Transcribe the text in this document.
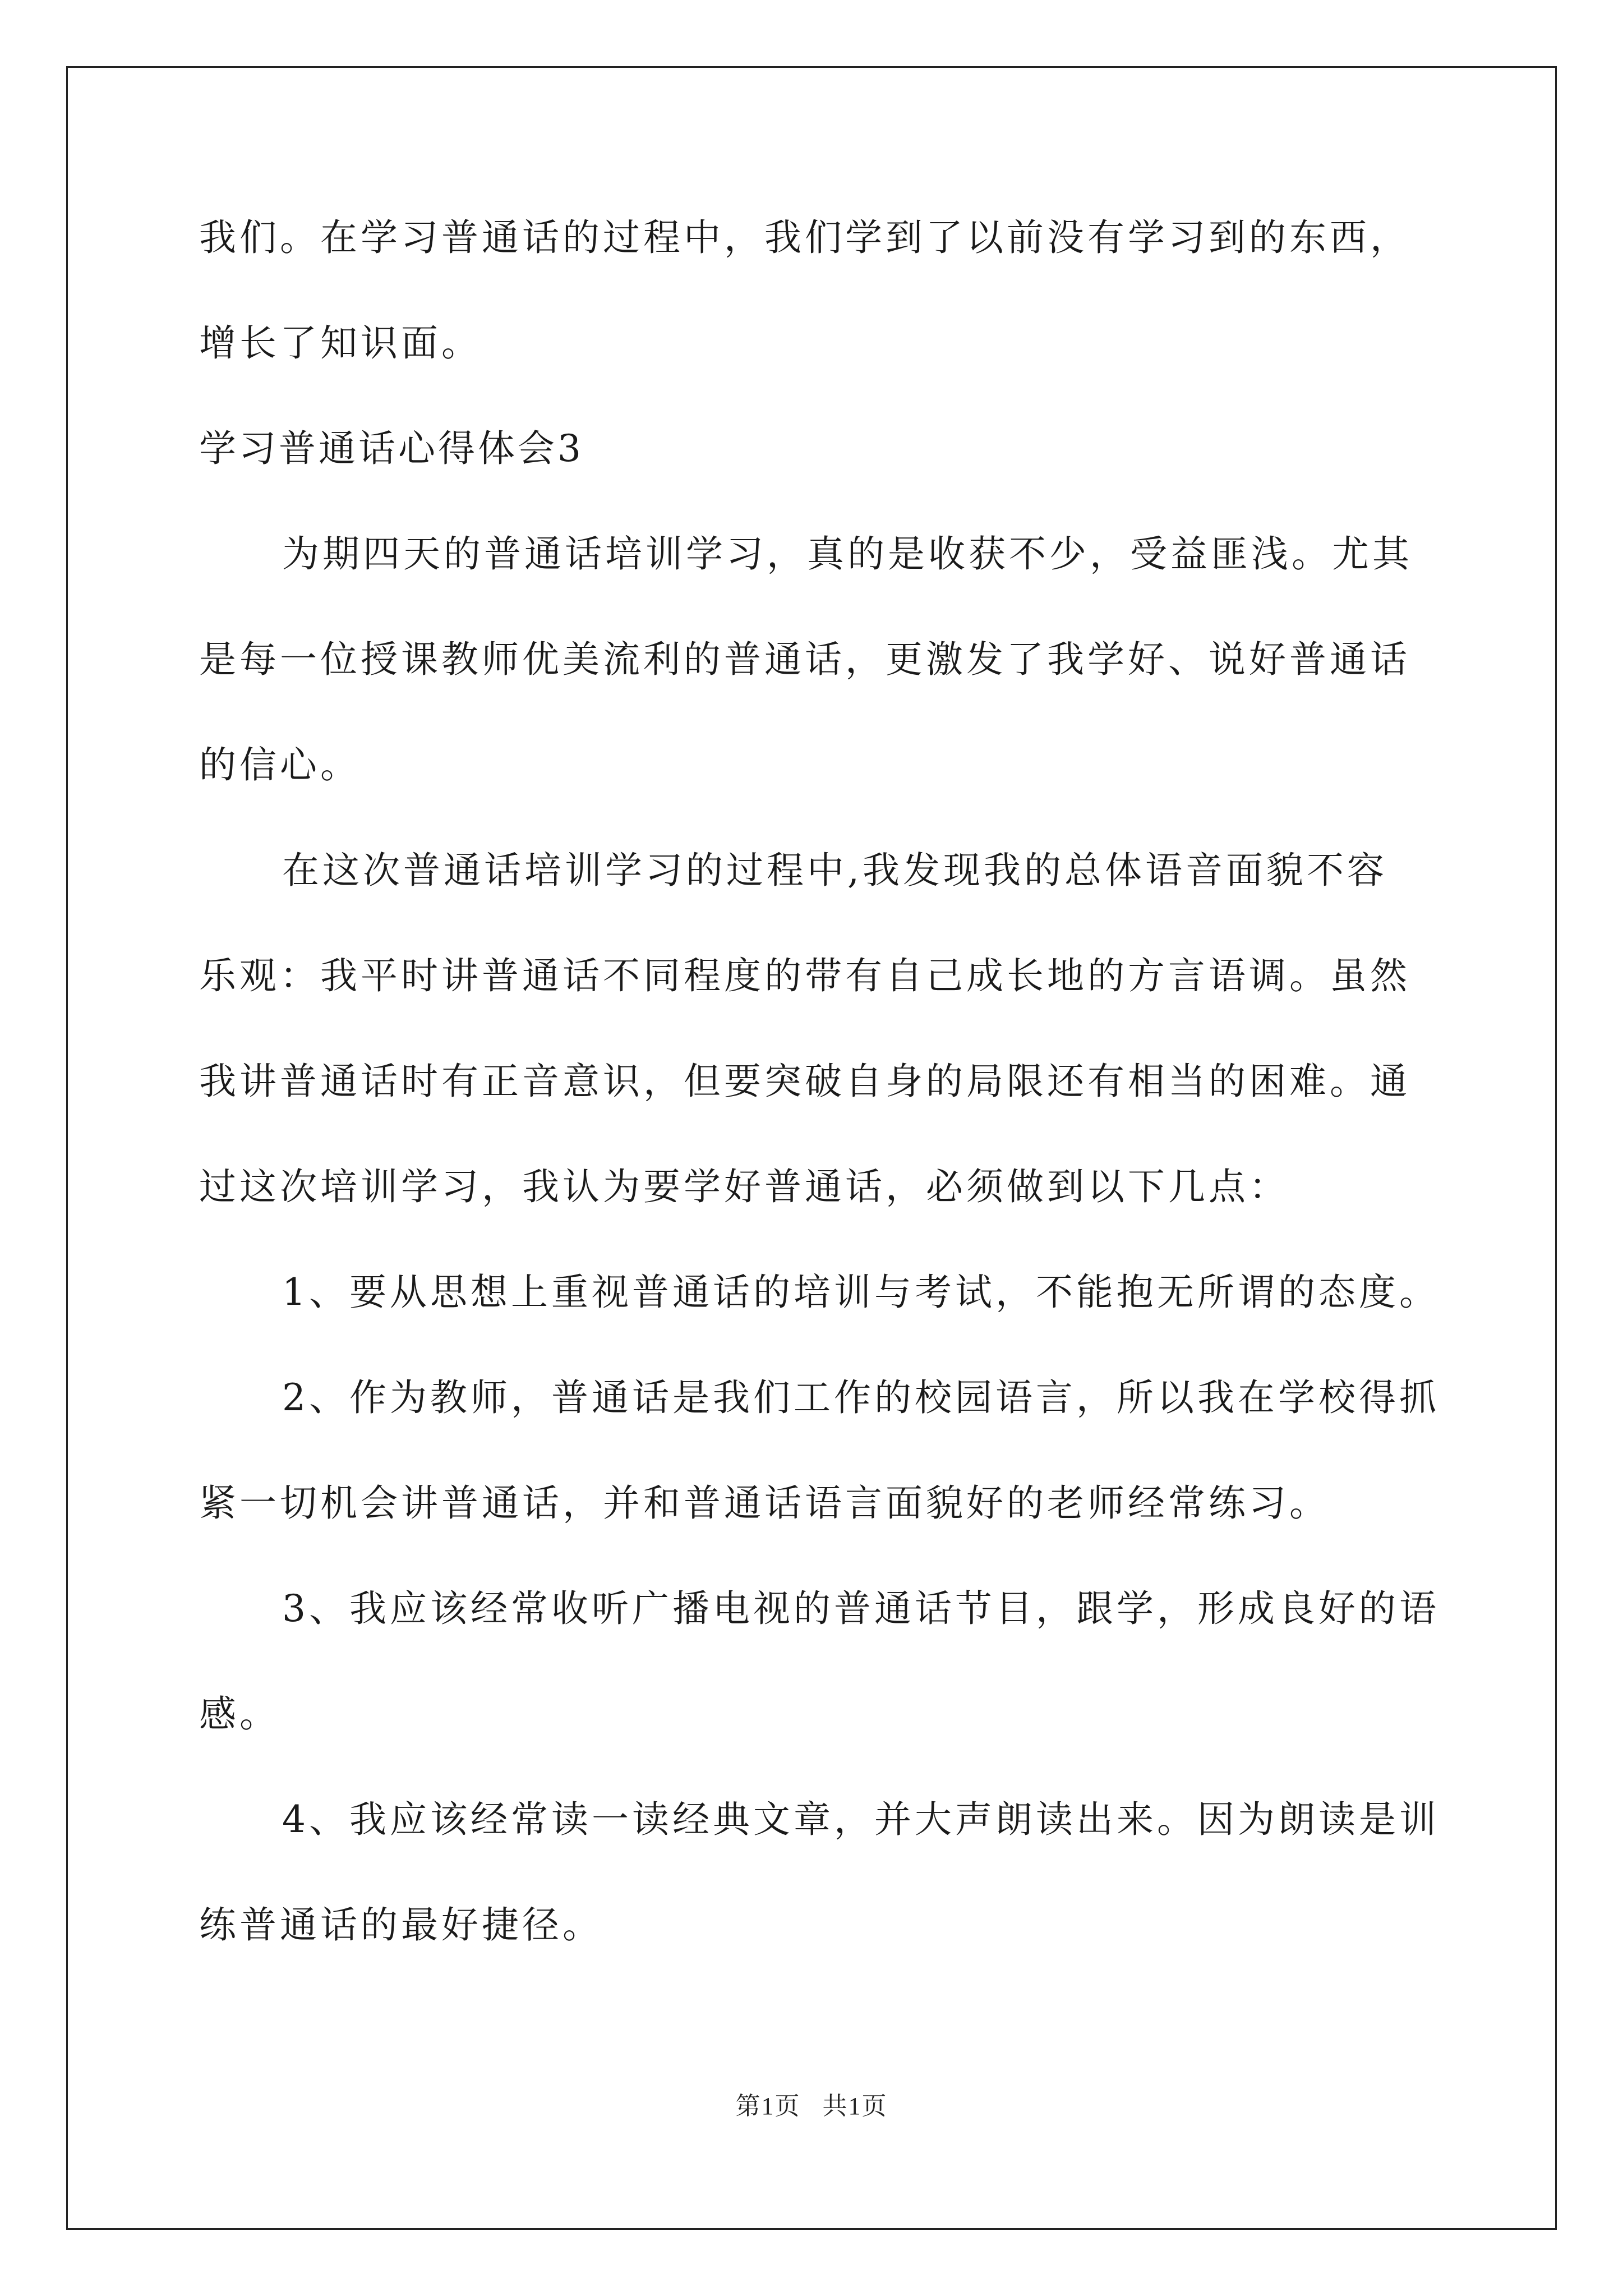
我们。在学习普通话的过程中，我们学到了以前没有学习到的东西，
增长了知识面。
学习普通话心得体会3
为期四天的普通话培训学习，真的是收获不少，受益匪浅。尤其
是每一位授课教师优美流利的普通话，更激发了我学好、说好普通话
的信心。
在这次普通话培训学习的过程中,我发现我的总体语音面貌不容
乐观：我平时讲普通话不同程度的带有自己成长地的方言语调。虽然
我讲普通话时有正音意识，但要突破自身的局限还有相当的困难。通
过这次培训学习，我认为要学好普通话，必须做到以下几点：
1、要从思想上重视普通话的培训与考试，不能抱无所谓的态度。
2、作为教师，普通话是我们工作的校园语言，所以我在学校得抓
紧一切机会讲普通话，并和普通话语言面貌好的老师经常练习。
3、我应该经常收听广播电视的普通话节目，跟学，形成良好的语
感。
4、我应该经常读一读经典文章，并大声朗读出来。因为朗读是训
练普通话的最好捷径。
第1页 共1页
